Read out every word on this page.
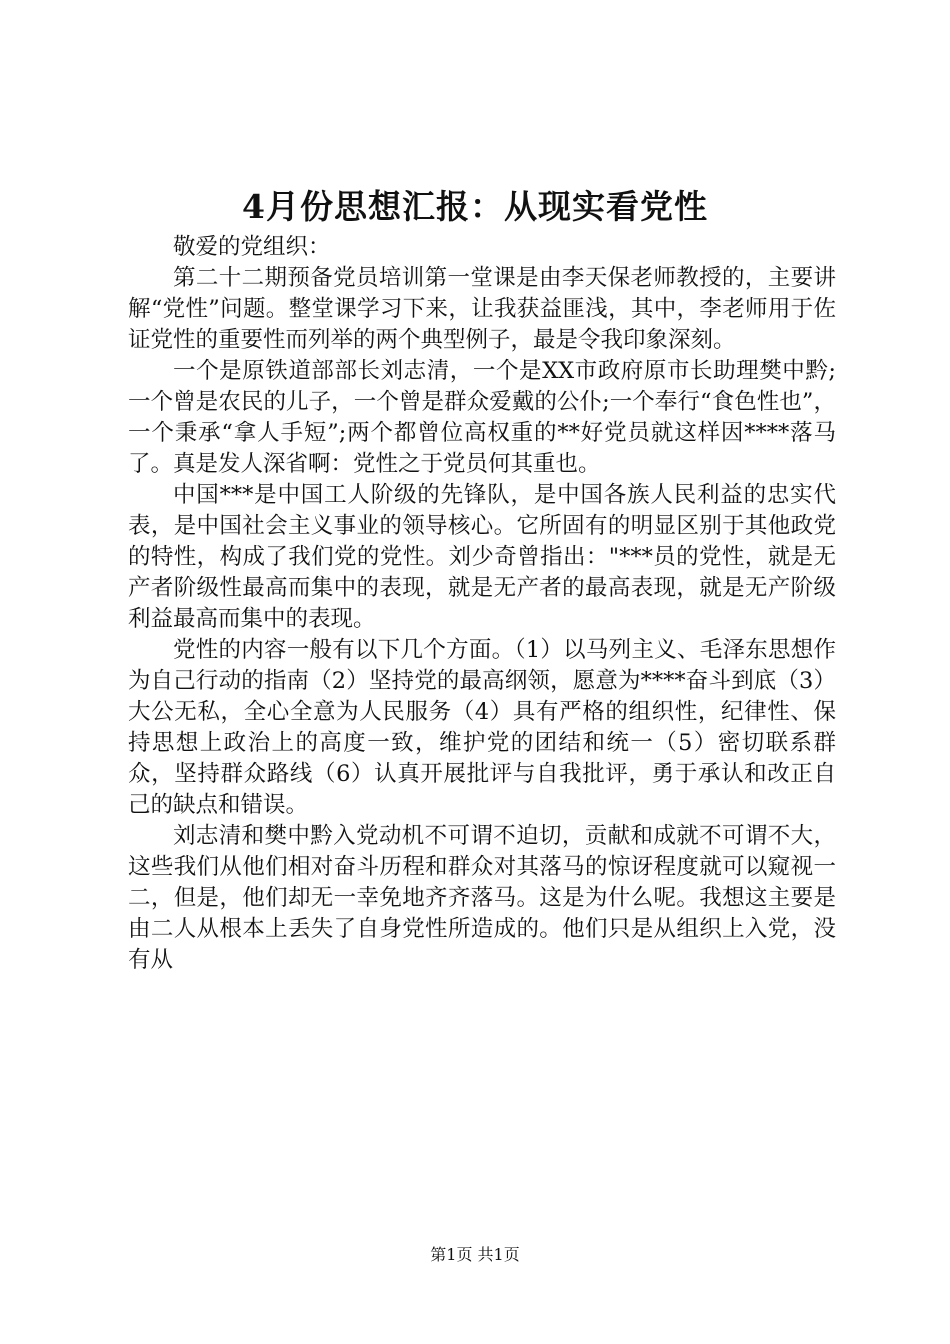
4月份思想汇报：从现实看党性

敬爱的党组织：

第二十二期预备党员培训第一堂课是由李天保老师教授的，主要讲解“党性”问题。整堂课学习下来，让我获益匪浅，其中，李老师用于佐证党性的重要性而列举的两个典型例子，最是令我印象深刻。

一个是原铁道部部长刘志清，一个是XX市政府原市长助理樊中黔;一个曾是农民的儿子，一个曾是群众爱戴的公仆;一个奉行“食色性也”，一个秉承“拿人手短”;两个都曾位高权重的**好党员就这样因****落马了。真是发人深省啊：党性之于党员何其重也。

中国***是中国工人阶级的先锋队，是中国各族人民利益的忠实代表，是中国社会主义事业的领导核心。它所固有的明显区别于其他政党的特性，构成了我们党的党性。刘少奇曾指出："***员的党性，就是无产者阶级性最高而集中的表现，就是无产者的最高表现，就是无产阶级利益最高而集中的表现。

党性的内容一般有以下几个方面。（1）以马列主义、毛泽东思想作为自己行动的指南（2）坚持党的最高纲领，愿意为****奋斗到底（3）大公无私，全心全意为人民服务（4）具有严格的组织性，纪律性、保持思想上政治上的高度一致，维护党的团结和统一（5）密切联系群众，坚持群众路线（6）认真开展批评与自我批评，勇于承认和改正自己的缺点和错误。

刘志清和樊中黔入党动机不可谓不迫切，贡献和成就不可谓不大，这些我们从他们相对奋斗历程和群众对其落马的惊讶程度就可以窥视一二，但是，他们却无一幸免地齐齐落马。这是为什么呢。我想这主要是由二人从根本上丢失了自身党性所造成的。他们只是从组织上入党，没有从

第1页 共1页
